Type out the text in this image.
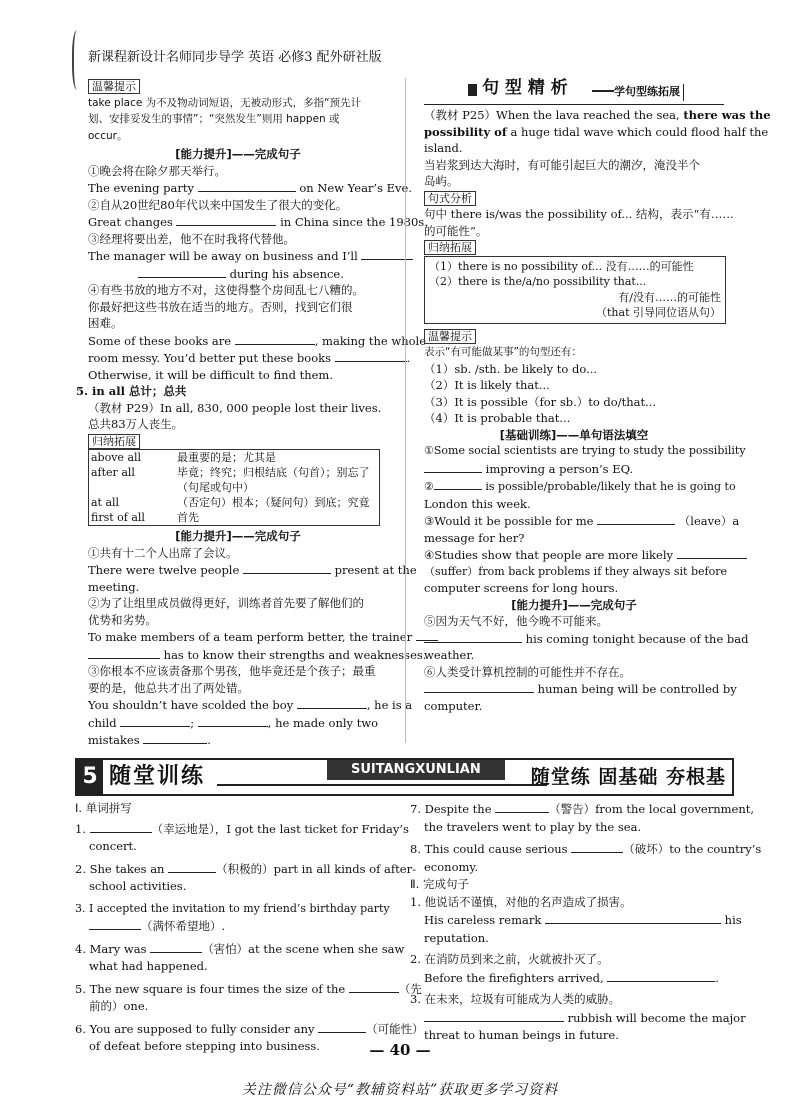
新课程新设计名师同步导学 英语 必修3 配外研社版

温馨提示

take place 为不及物动词短语，无被动形式，多指“预先计

划、安排妥发生的事情”；“突然发生”则用 happen 或

occur。

[能力提升]——完成句子

①晚会将在除夕那天举行。

The evening party	on New Year’s Eve.

②自从20世纪80年代以来中国发生了很大的变化。

Great changes	in China since the 1980s.

③经理将要出差，他不在时我将代替他。

The manager will be away on business and I’ll

during his absence.

④有些书放的地方不对，这使得整个房间乱七八糟的。

你最好把这些书放在适当的地方。否则，找到它们很

困难。

Some of these books are	, making the whole

room messy. You’d better put these books	.

Otherwise, it will be difficult to find them.

5. in all 总计；总共

（教材 P29）In all, 830, 000 people lost their lives.

总共83万人丧生。

归纳拓展

above all	最重要的是；尤其是
after all	毕竟；终究；归根结底（句首）；别忘了（句尾或句中）
at all	（否定句）根本；（疑问句）到底；究竟
first of all	首先

[能力提升]——完成句子

①共有十二个人出席了会议。

There were twelve people	present at the

meeting.

②为了让组里成员做得更好，训练者首先要了解他们的

优势和劣势。

To make members of a team perform better, the trainer

has to know their strengths and weaknesses.

③你根本不应该责备那个男孩，他毕竟还是个孩子；最重

要的是，他总共才出了两处错。

You shouldn’t have scolded the boy	, he is a

child	;	, he made only two

mistakes	.

句 型 精 析	学句型练拓展

（教材 P25）When the lava reached the sea, there was the

possibility of a huge tidal wave which could flood half the

island.

当岩浆到达大海时，有可能引起巨大的潮汐，淹没半个

岛屿。

句式分析

句中 there is/was the possibility of... 结构，表示“有……

的可能性”。

归纳拓展

（1）there is no possibility of... 没有……的可能性

（2）there is the/a/no possibility that...

有/没有……的可能性

（that 引导同位语从句）

温馨提示

表示“有可能做某事”的句型还有：

（1）sb. /sth. be likely to do...

（2）It is likely that...

（3）It is possible（for sb.）to do/that...

（4）It is probable that...

[基础训练]——单句语法填空

①Some social scientists are trying to study the possibility

improving a person’s EQ.

②	is possible/probable/likely that he is going to

London this week.

③Would it be possible for me	（leave）a

message for her?

④Studies show that people are more likely

（suffer）from back problems if they always sit before

computer screens for long hours.

[能力提升]——完成句子

⑤因为天气不好，他今晚不可能来。

his coming tonight because of the bad

weather.

⑥人类受计算机控制的可能性并不存在。

human being will be controlled by

computer.

5 随堂训练	SUITANGXUNLIAN	随堂练 固基础 夯根基

Ⅰ. 单词拼写

1.	（幸运地是），I got the last ticket for Friday’s

concert.

2. She takes an	（积极的）part in all kinds of after-

school activities.

3. I accepted the invitation to my friend’s birthday party

（满怀希望地）.

4. Mary was	（害怕）at the scene when she saw

what had happened.

5. The new square is four times the size of the	（先

前的）one.

6. You are supposed to fully consider any	（可能性）

of defeat before stepping into business.

7. Despite the	（警告）from the local government,

the travelers went to play by the sea.

8. This could cause serious	（破坏）to the country’s

economy.

Ⅱ. 完成句子

1. 他说话不谨慎，对他的名声造成了损害。

His careless remark	his

reputation.

2. 在消防员到来之前，火就被扑灭了。

Before the firefighters arrived,	.

3. 在未来，垃圾有可能成为人类的威胁。

rubbish will become the major

threat to human beings in future.

— 40 —
关注微信公众号“教辅资料站”获取更多学习资料
